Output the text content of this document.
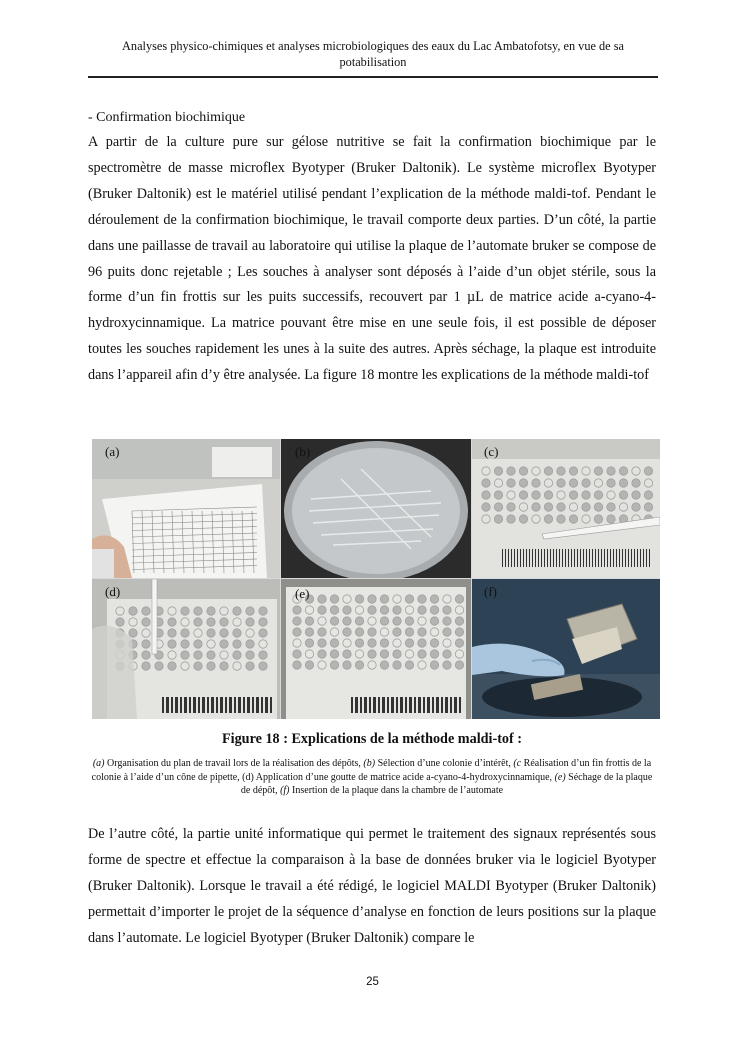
Analyses physico-chimiques et analyses microbiologiques des eaux du Lac Ambatofotsy, en vue de sa potabilisation
- Confirmation biochimique

A partir de la culture pure sur gélose nutritive se fait la confirmation biochimique par le spectromètre de masse microflex Byotyper (Bruker Daltonik). Le système microflex Byotyper (Bruker Daltonik) est le matériel utilisé pendant l’explication de la méthode maldi-tof. Pendant le déroulement de la confirmation biochimique, le travail comporte deux parties. D’un côté, la partie dans une paillasse de travail au laboratoire qui utilise la plaque de l’automate bruker se compose de 96 puits donc rejetable ; Les souches à analyser sont déposés à l’aide d’un objet stérile, sous la forme d’un fin frottis sur les puits successifs, recouvert par 1 µL de matrice acide a-cyano-4-hydroxycinnamique. La matrice pouvant être mise en une seule fois, il est possible de déposer toutes les souches rapidement les unes à la suite des autres. Après séchage, la plaque est introduite dans l’appareil afin d’y être analysée. La figure 18 montre les explications de la méthode maldi-tof

(a)	(b)	(c)
(d)	(e)	(f)
Figure 18 : Explications de la méthode maldi-tof :
(a) Organisation du plan de travail lors de la réalisation des dépôts, (b) Sélection d’une colonie d’intérêt, (c Réalisation d’un fin frottis de la colonie à l’aide d’un cône de pipette, (d) Application d’une goutte de matrice acide a-cyano-4-hydroxycinnamique, (e) Séchage de la plaque de dépôt, (f) Insertion de la plaque dans la chambre de l’automate

De l’autre côté, la partie unité informatique qui permet le traitement des signaux représentés sous forme de spectre et effectue la comparaison à la base de données bruker via le logiciel Byotyper (Bruker Daltonik). Lorsque le travail a été rédigé, le logiciel MALDI Byotyper (Bruker Daltonik) permettait d’importer le projet de la séquence d’analyse en fonction de leurs positions sur la plaque dans l’automate. Le logiciel Byotyper (Bruker Daltonik) compare le

25
